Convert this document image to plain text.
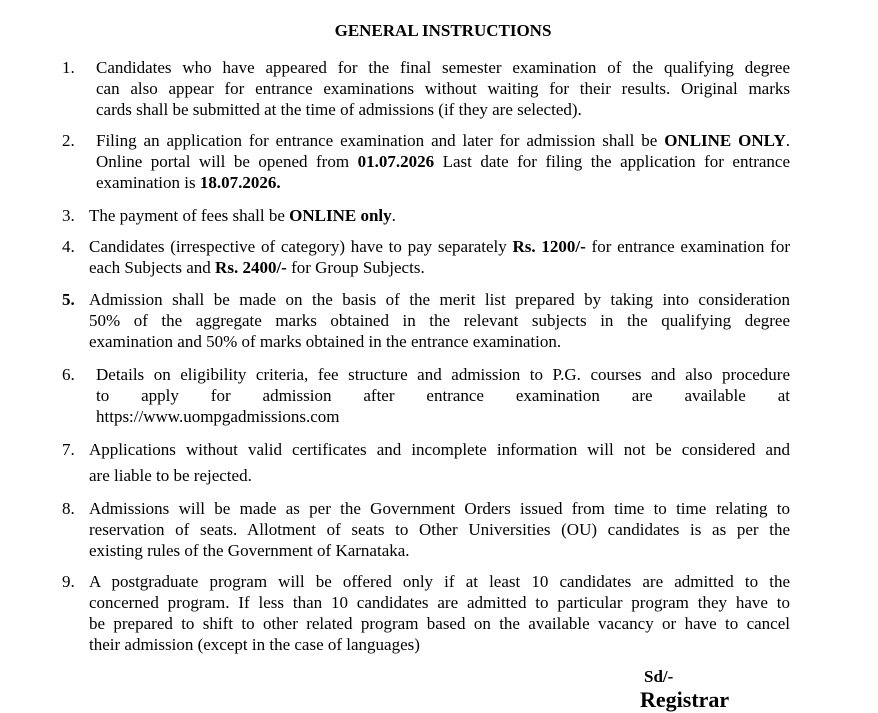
GENERAL INSTRUCTIONS
1. Candidates who have appeared for the final semester examination of the qualifying degree
can also appear for entrance examinations without waiting for their results. Original marks
cards shall be submitted at the time of admissions (if they are selected).
2. Filing an application for entrance examination and later for admission shall be ONLINE ONLY. Online portal will be opened from 01.07.2026 Last date for filing the application for entrance examination is 18.07.2026.
3. The payment of fees shall be ONLINE only.
4. Candidates (irrespective of category) have to pay separately Rs. 1200/- for entrance examination for each Subjects and Rs. 2400/- for Group Subjects.
5. Admission shall be made on the basis of the merit list prepared by taking into consideration
50% of the aggregate marks obtained in the relevant subjects in the qualifying degree
examination and 50% of marks obtained in the entrance examination.
6. Details on eligibility criteria, fee structure and admission to P.G. courses and also procedure
to apply for admission after entrance examination are available at
https://www.uompgadmissions.com
7. Applications without valid certificates and incomplete information will not be considered and
are liable to be rejected.
8. Admissions will be made as per the Government Orders issued from time to time relating to
reservation of seats. Allotment of seats to Other Universities (OU) candidates is as per the
existing rules of the Government of Karnataka.
9. A postgraduate program will be offered only if at least 10 candidates are admitted to the
concerned program. If less than 10 candidates are admitted to particular program they have to
be prepared to shift to other related program based on the available vacancy or have to cancel
their admission (except in the case of languages)
Sd/-
Registrar
